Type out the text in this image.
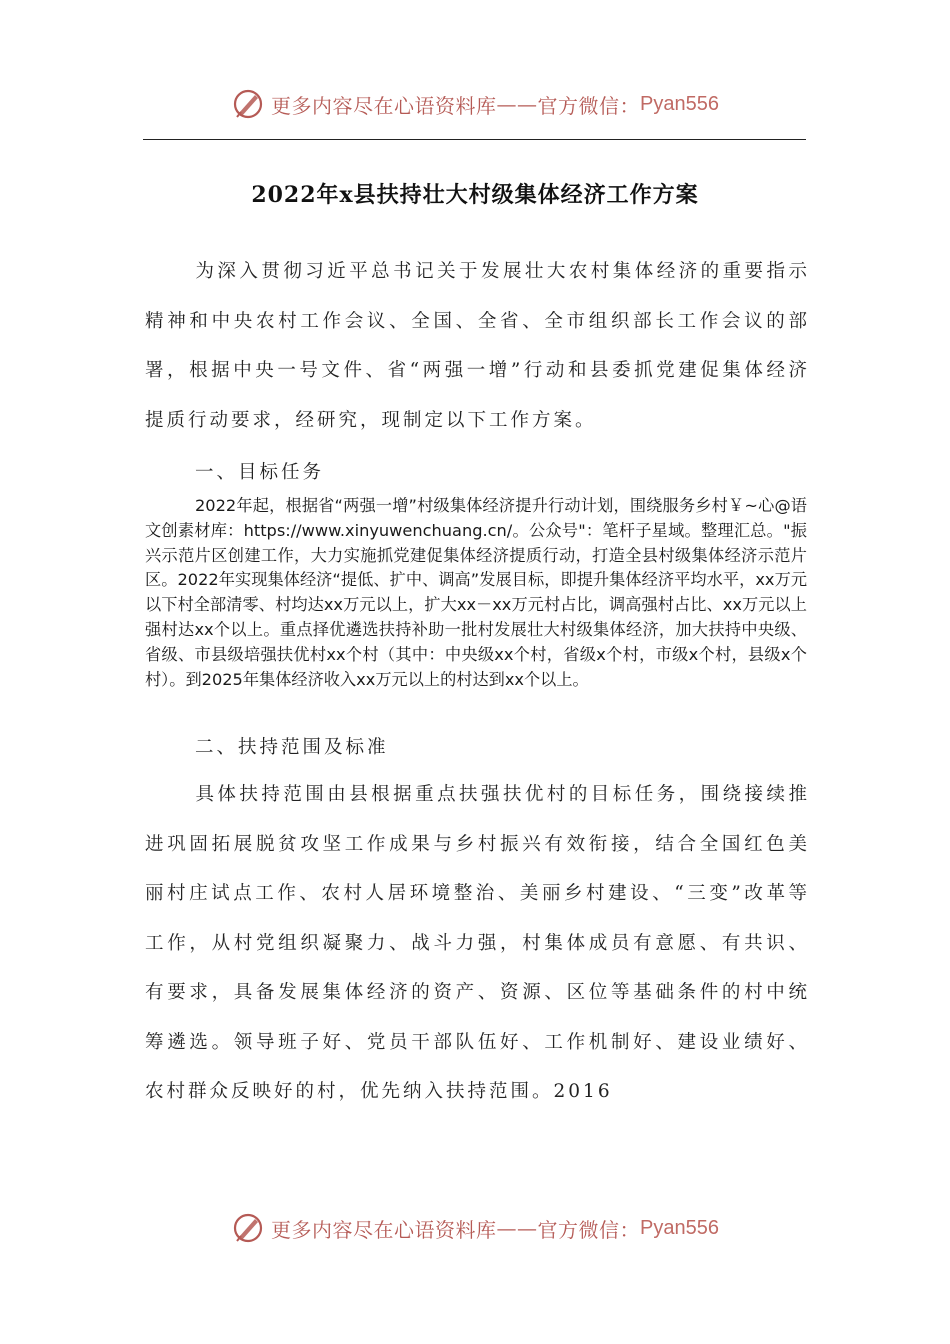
更多内容尽在心语资料库 —— 官方微信： Pyan556
2022年x县扶持壮大村级集体经济工作方案

为深入贯彻习近平总书记关于发展壮大农村集体经济的重要指示精神和中央农村工作会议、全国、全省、全市组织部长工作会议的部署，根据中央一号文件、省“两强一增”行动和县委抓党建促集体经济提质行动要求，经研究，现制定以下工作方案。

一、目标任务

2022年起，根据省“两强一增”村级集体经济提升行动计划，围绕服务乡村￥~心@语文创素材库：https://www.xinyuwenchuang.cn/。公众号"：笔杆子星域。整理汇总。"振兴示范片区创建工作，大力实施抓党建促集体经济提质行动，打造全县村级集体经济示范片区。2022年实现集体经济“提低、扩中、调高”发展目标，即提升集体经济平均水平，xx万元以下村全部清零、村均达xx万元以上，扩大xx－xx万元村占比，调高强村占比、xx万元以上强村达xx个以上。重点择优遴选扶持补助一批村发展壮大村级集体经济，加大扶持中央级、省级、市县级培强扶优村xx个村（其中：中央级xx个村，省级x个村，市级x个村，县级x个村）。到2025年集体经济收入xx万元以上的村达到xx个以上。

二、扶持范围及标准

具体扶持范围由县根据重点扶强扶优村的目标任务，围绕接续推进巩固拓展脱贫攻坚工作成果与乡村振兴有效衔接，结合全国红色美丽村庄试点工作、农村人居环境整治、美丽乡村建设、“三变”改革等工作，从村党组织凝聚力、战斗力强，村集体成员有意愿、有共识、有要求，具备发展集体经济的资产、资源、区位等基础条件的村中统筹遴选。领导班子好、党员干部队伍好、工作机制好、建设业绩好、农村群众反映好的村，优先纳入扶持范围。2016

更多内容尽在心语资料库 —— 官方微信： Pyan556
